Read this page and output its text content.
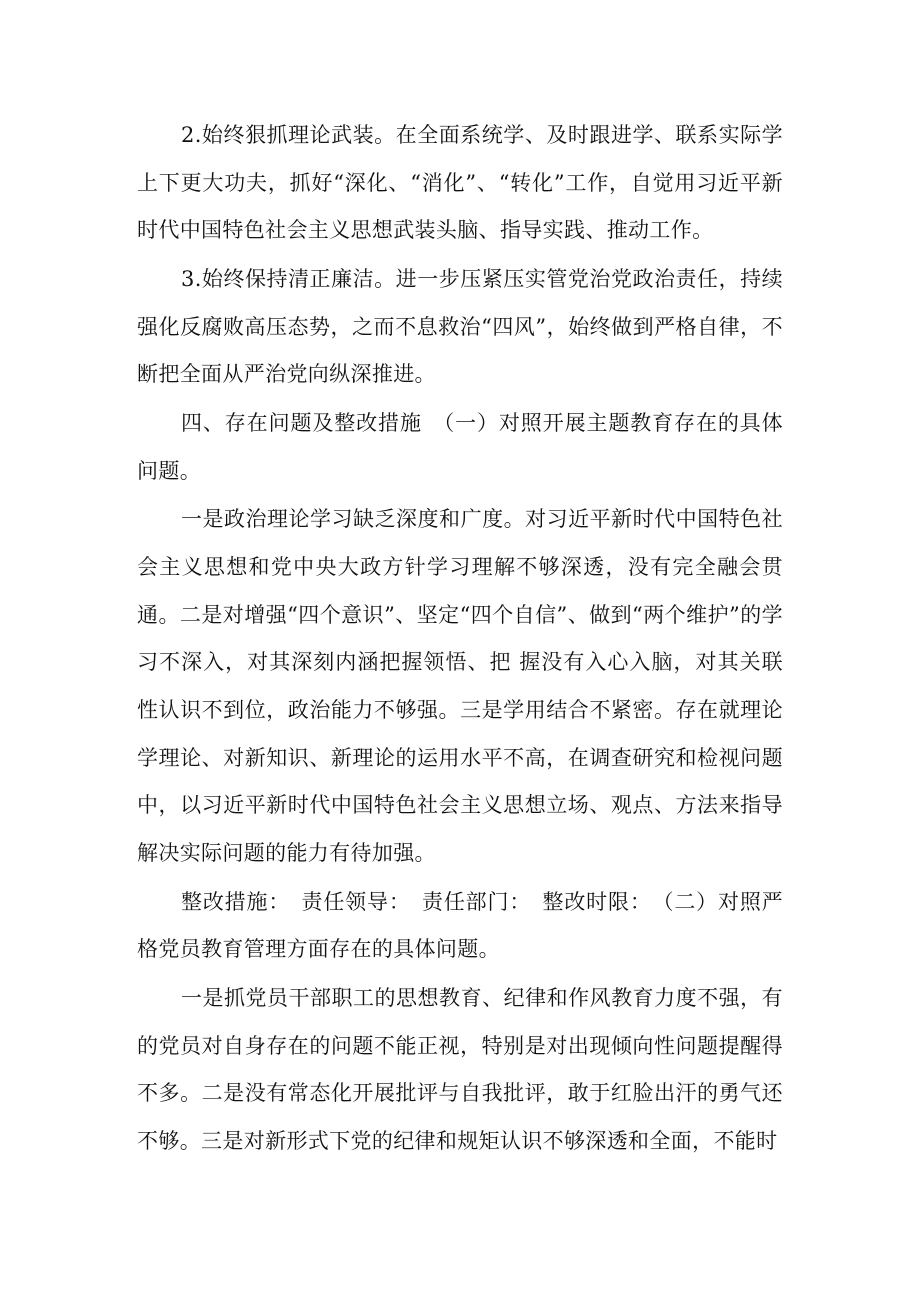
2.始终狠抓理论武装。在全面系统学、及时跟进学、联系实际学上下更大功夫，抓好“深化、“消化”、“转化”工作，自觉用习近平新时代中国特色社会主义思想武装头脑、指导实践、推动工作。

3.始终保持清正廉洁。进一步压紧压实管党治党政治责任，持续强化反腐败高压态势，之而不息救治“四风”，始终做到严格自律，不断把全面从严治党向纵深推进。

四、存在问题及整改措施　（一）对照开展主题教育存在的具体问题。

一是政治理论学习缺乏深度和广度。对习近平新时代中国特色社会主义思想和党中央大政方针学习理解不够深透，没有完全融会贯通。二是对增强“四个意识”、坚定“四个自信”、做到“两个维护”的学习不深入，对其深刻内涵把握领悟、把 握没有入心入脑，对其关联性认识不到位，政治能力不够强。三是学用结合不紧密。存在就理论学理论、对新知识、新理论的运用水平不高，在调查研究和检视问题中，以习近平新时代中国特色社会主义思想立场、观点、方法来指导解决实际问题的能力有待加强。

整改措施：　责任领导：　责任部门：　整改时限：　（二）对照严格党员教育管理方面存在的具体问题。

一是抓党员干部职工的思想教育、纪律和作风教育力度不强，有的党员对自身存在的问题不能正视，特别是对出现倾向性问题提醒得不多。二是没有常态化开展批评与自我批评，敢于红脸出汗的勇气还不够。三是对新形式下党的纪律和规矩认识不够深透和全面，不能时
